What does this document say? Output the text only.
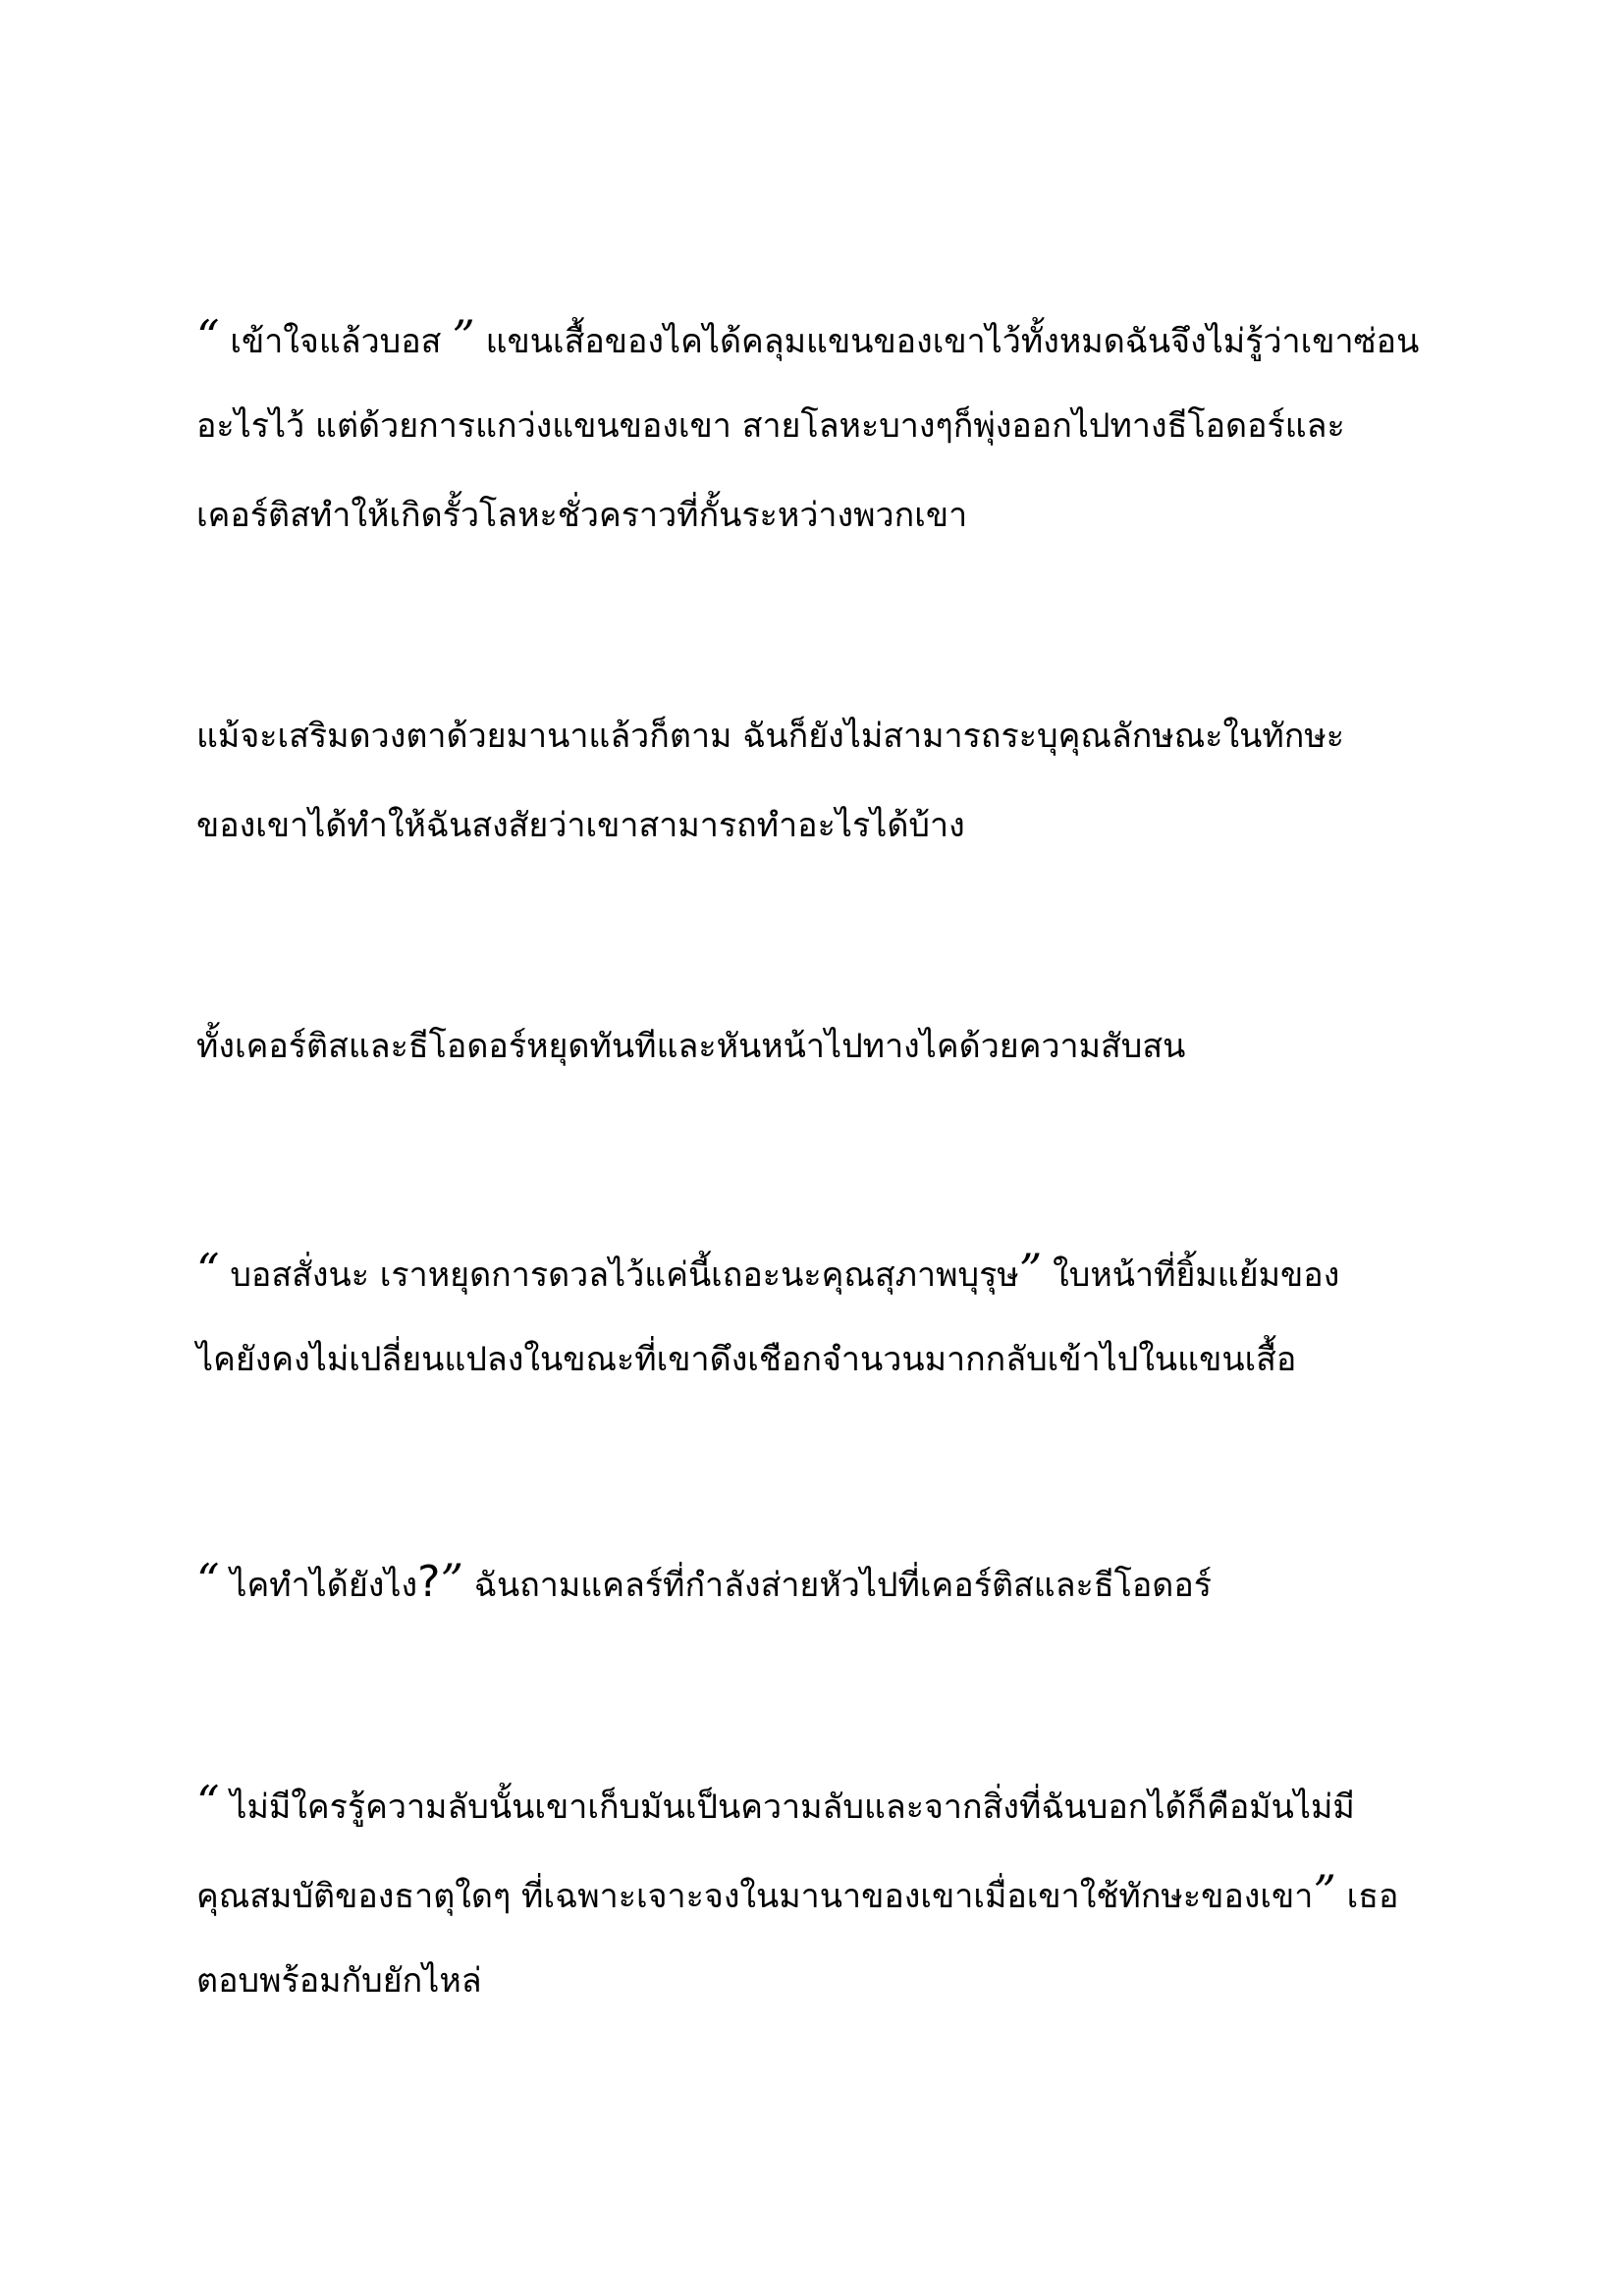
“ เข้าใจแล้วบอส ” แขนเสื้อของไคได้คลุมแขนของเขาไว้ทั้งหมดฉันจึงไม่รู้ว่าเขาซ่อน
อะไรไว้ แต่ด้วยการแกว่งแขนของเขา สายโลหะบางๆก็พุ่งออกไปทางธีโอดอร์และ
เคอร์ติสทำให้เกิดรั้วโลหะชั่วคราวที่กั้นระหว่างพวกเขา

แม้จะเสริมดวงตาด้วยมานาแล้วก็ตาม ฉันก็ยังไม่สามารถระบุคุณลักษณะในทักษะ
ของเขาได้ทำให้ฉันสงสัยว่าเขาสามารถทำอะไรได้บ้าง

ทั้งเคอร์ติสและธีโอดอร์หยุดทันทีและหันหน้าไปทางไคด้วยความสับสน

“ บอสสั่งนะ เราหยุดการดวลไว้แค่นี้เถอะนะคุณสุภาพบุรุษ” ใบหน้าที่ยิ้มแย้มของ
ไคยังคงไม่เปลี่ยนแปลงในขณะที่เขาดึงเชือกจำนวนมากกลับเข้าไปในแขนเสื้อ

“ ไคทำได้ยังไง?” ฉันถามแคลร์ที่กำลังส่ายหัวไปที่เคอร์ติสและธีโอดอร์

“ ไม่มีใครรู้ความลับนั้นเขาเก็บมันเป็นความลับและจากสิ่งที่ฉันบอกได้ก็คือมันไม่มี
คุณสมบัติของธาตุใดๆ ที่เฉพาะเจาะจงในมานาของเขาเมื่อเขาใช้ทักษะของเขา” เธอ
ตอบพร้อมกับยักไหล่
